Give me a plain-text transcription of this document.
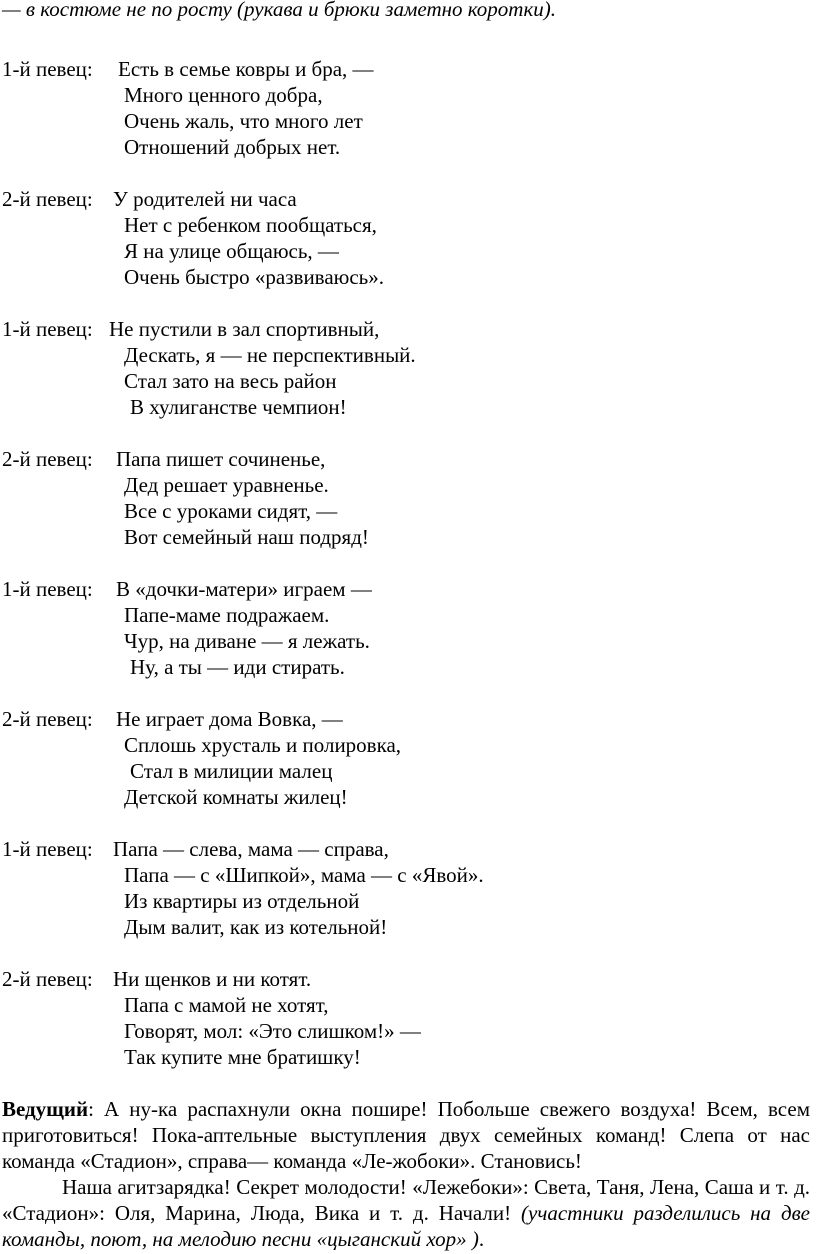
— в костюме не по росту (рукава и брюки заметно коротки).
1-й певец: Есть в семье ковры и бра, —
Много ценного добра,
Очень жаль, что много лет
Отношений добрых нет.
2-й певец: У родителей ни часа
Нет с ребенком пообщаться,
Я на улице общаюсь, —
Очень быстро «развиваюсь».
1-й певец: Не пустили в зал спортивный,
Дескать, я — не перспективный.
Стал зато на весь район
В хулиганстве чемпион!
2-й певец: Папа пишет сочиненье,
Дед решает уравненье.
Все с уроками сидят, —
Вот семейный наш подряд!
1-й певец: В «дочки-матери» играем —
Папе-маме подражаем.
Чур, на диване — я лежать.
Ну, а ты — иди стирать.
2-й певец: Не играет дома Вовка, —
Сплошь хрусталь и полировка,
Стал в милиции малец
Детской комнаты жилец!
1-й певец: Папа — слева, мама — справа,
Папа — с «Шипкой», мама — с «Явой».
Из квартиры из отдельной
Дым валит, как из котельной!
2-й певец: Ни щенков и ни котят.
Папа с мамой не хотят,
Говорят, мол: «Это слишком!» —
Так купите мне братишку!
Ведущий: А ну-ка распахнули окна пошире! Побольше свежего воздуха! Всем, всем приготовиться! Пока-аптельные выступления двух семейных команд! Слепа от нас команда «Стадион», справа— команда «Ле-жобоки». Становись!
Наша агитзарядка! Секрет молодости! «Лежебоки»: Света, Таня, Лена, Саша и т. д. «Стадион»: Оля, Марина, Люда, Вика и т. д. Начали! (участники разделились на две команды, поют, на мелодию песни «цыганский хор» ).
